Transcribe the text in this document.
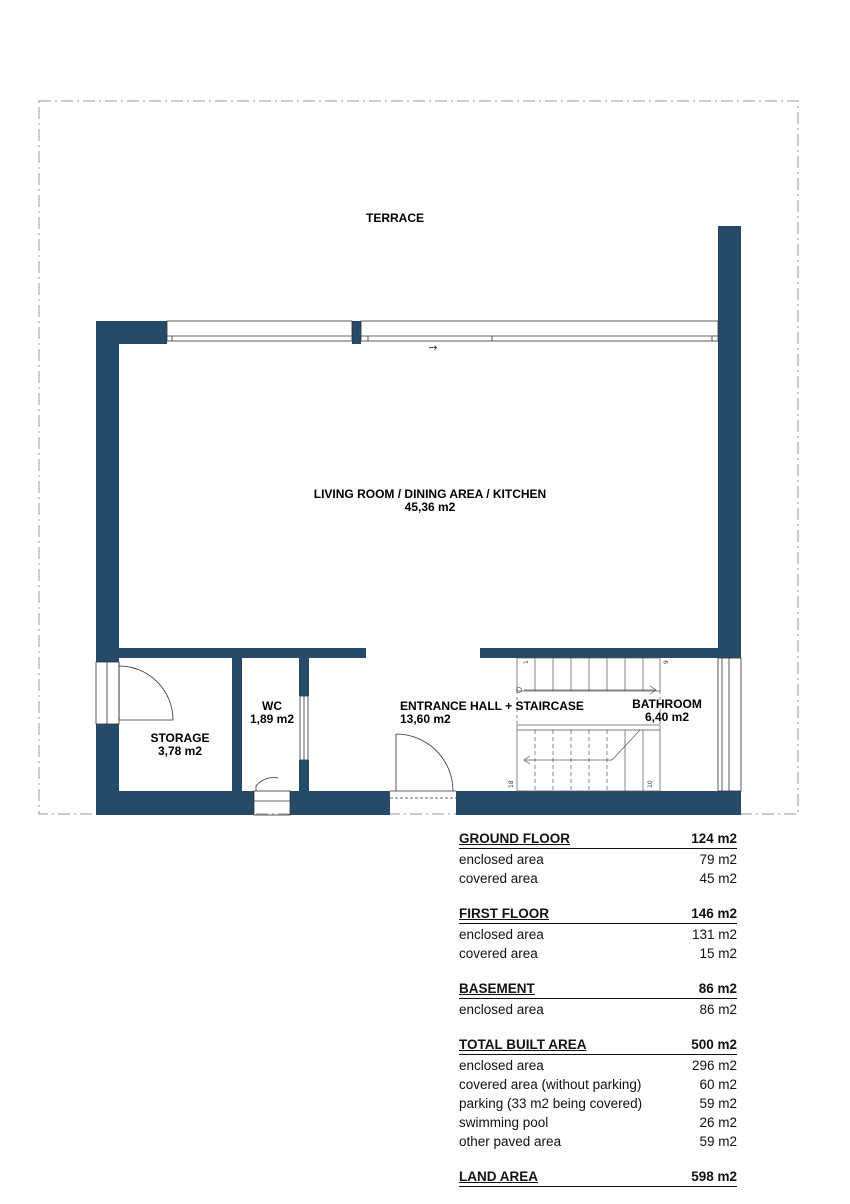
→
1	9
18	10
TERRACE
LIVING ROOM / DINING AREA / KITCHEN
45,36 m2
WC
1,89 m2
STORAGE
3,78 m2
ENTRANCE HALL + STAIRCASE
13,60 m2
BATHROOM
6,40 m2
GROUND FLOOR	124 m2
enclosed area	79 m2
covered area	45 m2
FIRST FLOOR	146 m2
enclosed area	131 m2
covered area	15 m2
BASEMENT	86 m2
enclosed area	86 m2
TOTAL BUILT AREA	500 m2
enclosed area	296 m2
covered area (without parking)	60 m2
parking (33 m2 being covered)	59 m2
swimming pool	26 m2
other paved area	59 m2
LAND AREA	598 m2
